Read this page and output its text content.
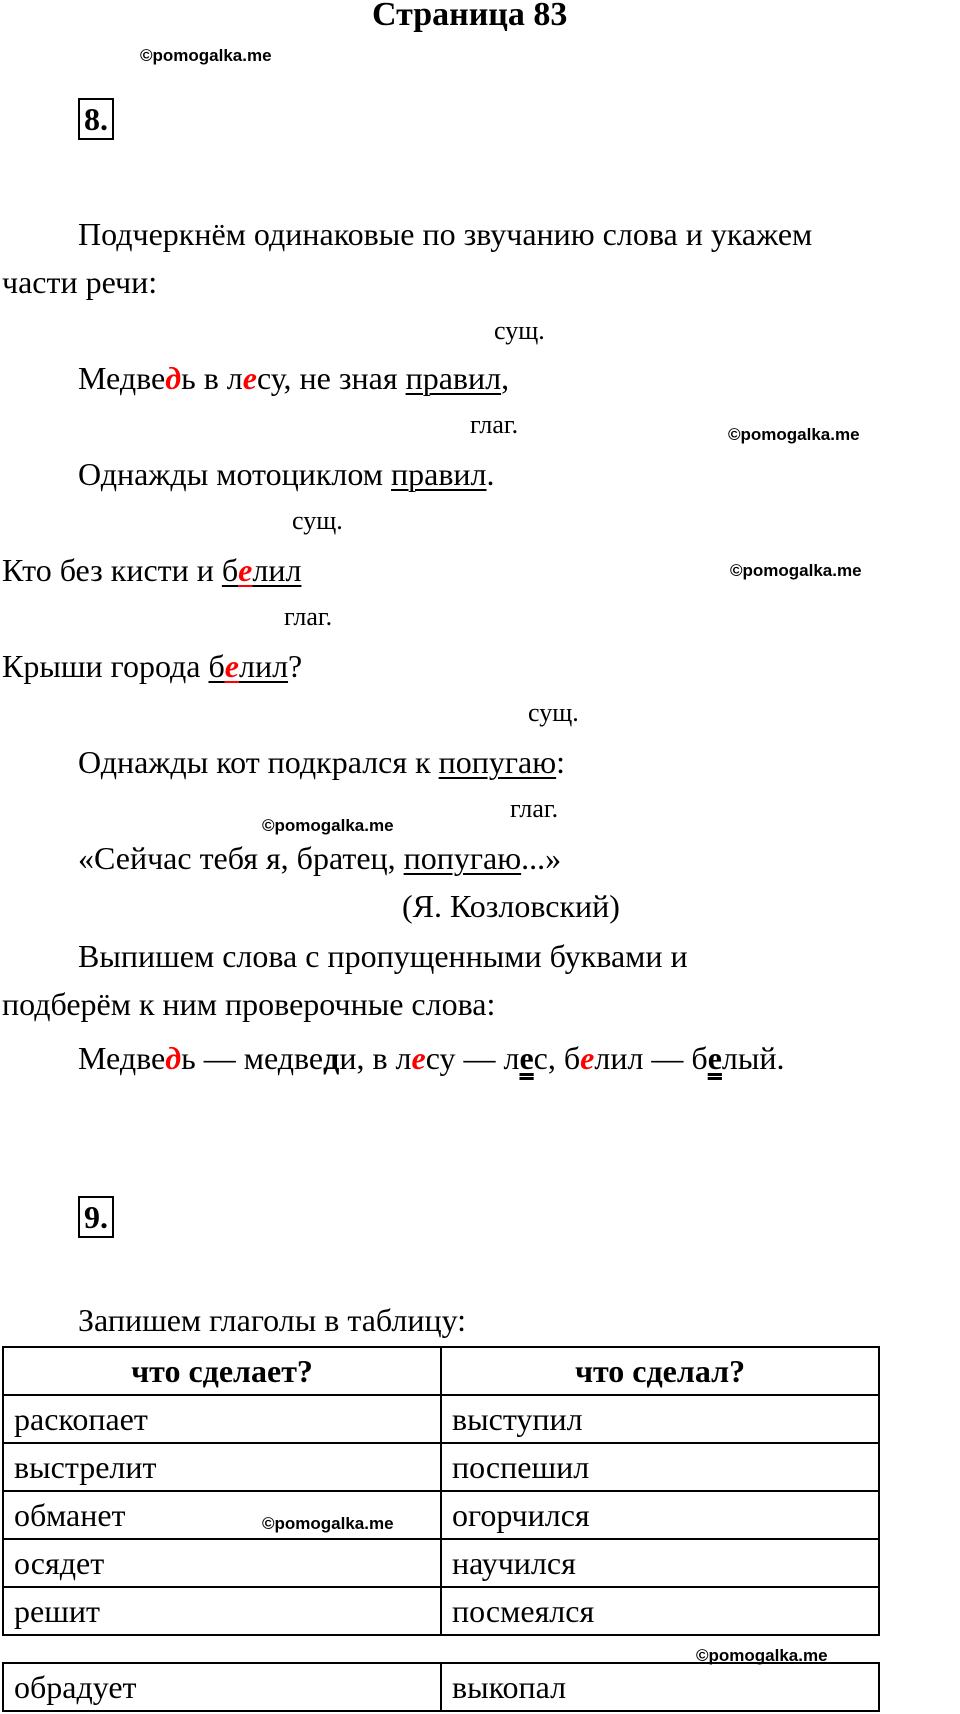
Страница 83
©pomogalka.me
8.
Подчеркнём одинаковые по звучанию слова и укажем
части речи:
сущ.
Медведь в лесу, не зная правил,
глаг.	©pomogalka.me
Однажды мотоциклом правил.
сущ.
©pomogalka.me
Кто без кисти и белил
глаг.
Крыши города белил?
сущ.
Однажды кот подкрался к попугаю:
глаг.
©pomogalka.me
«Сейчас тебя я, братец, попугаю...»
(Я. Козловский)
Выпишем слова с пропущенными буквами и
подберём к ним проверочные слова:
Медведь — медведи, в лесу — лес, белил — белый.
9.
Запишем глаголы в таблицу:
что сделает?	что сделал?
раскопает	выступил
выстрелит	поспешил
обманет	огорчился
осядет	научился
решит	посмеялся
©pomogalka.me
обрадует	выкопал
©pomogalka.me
